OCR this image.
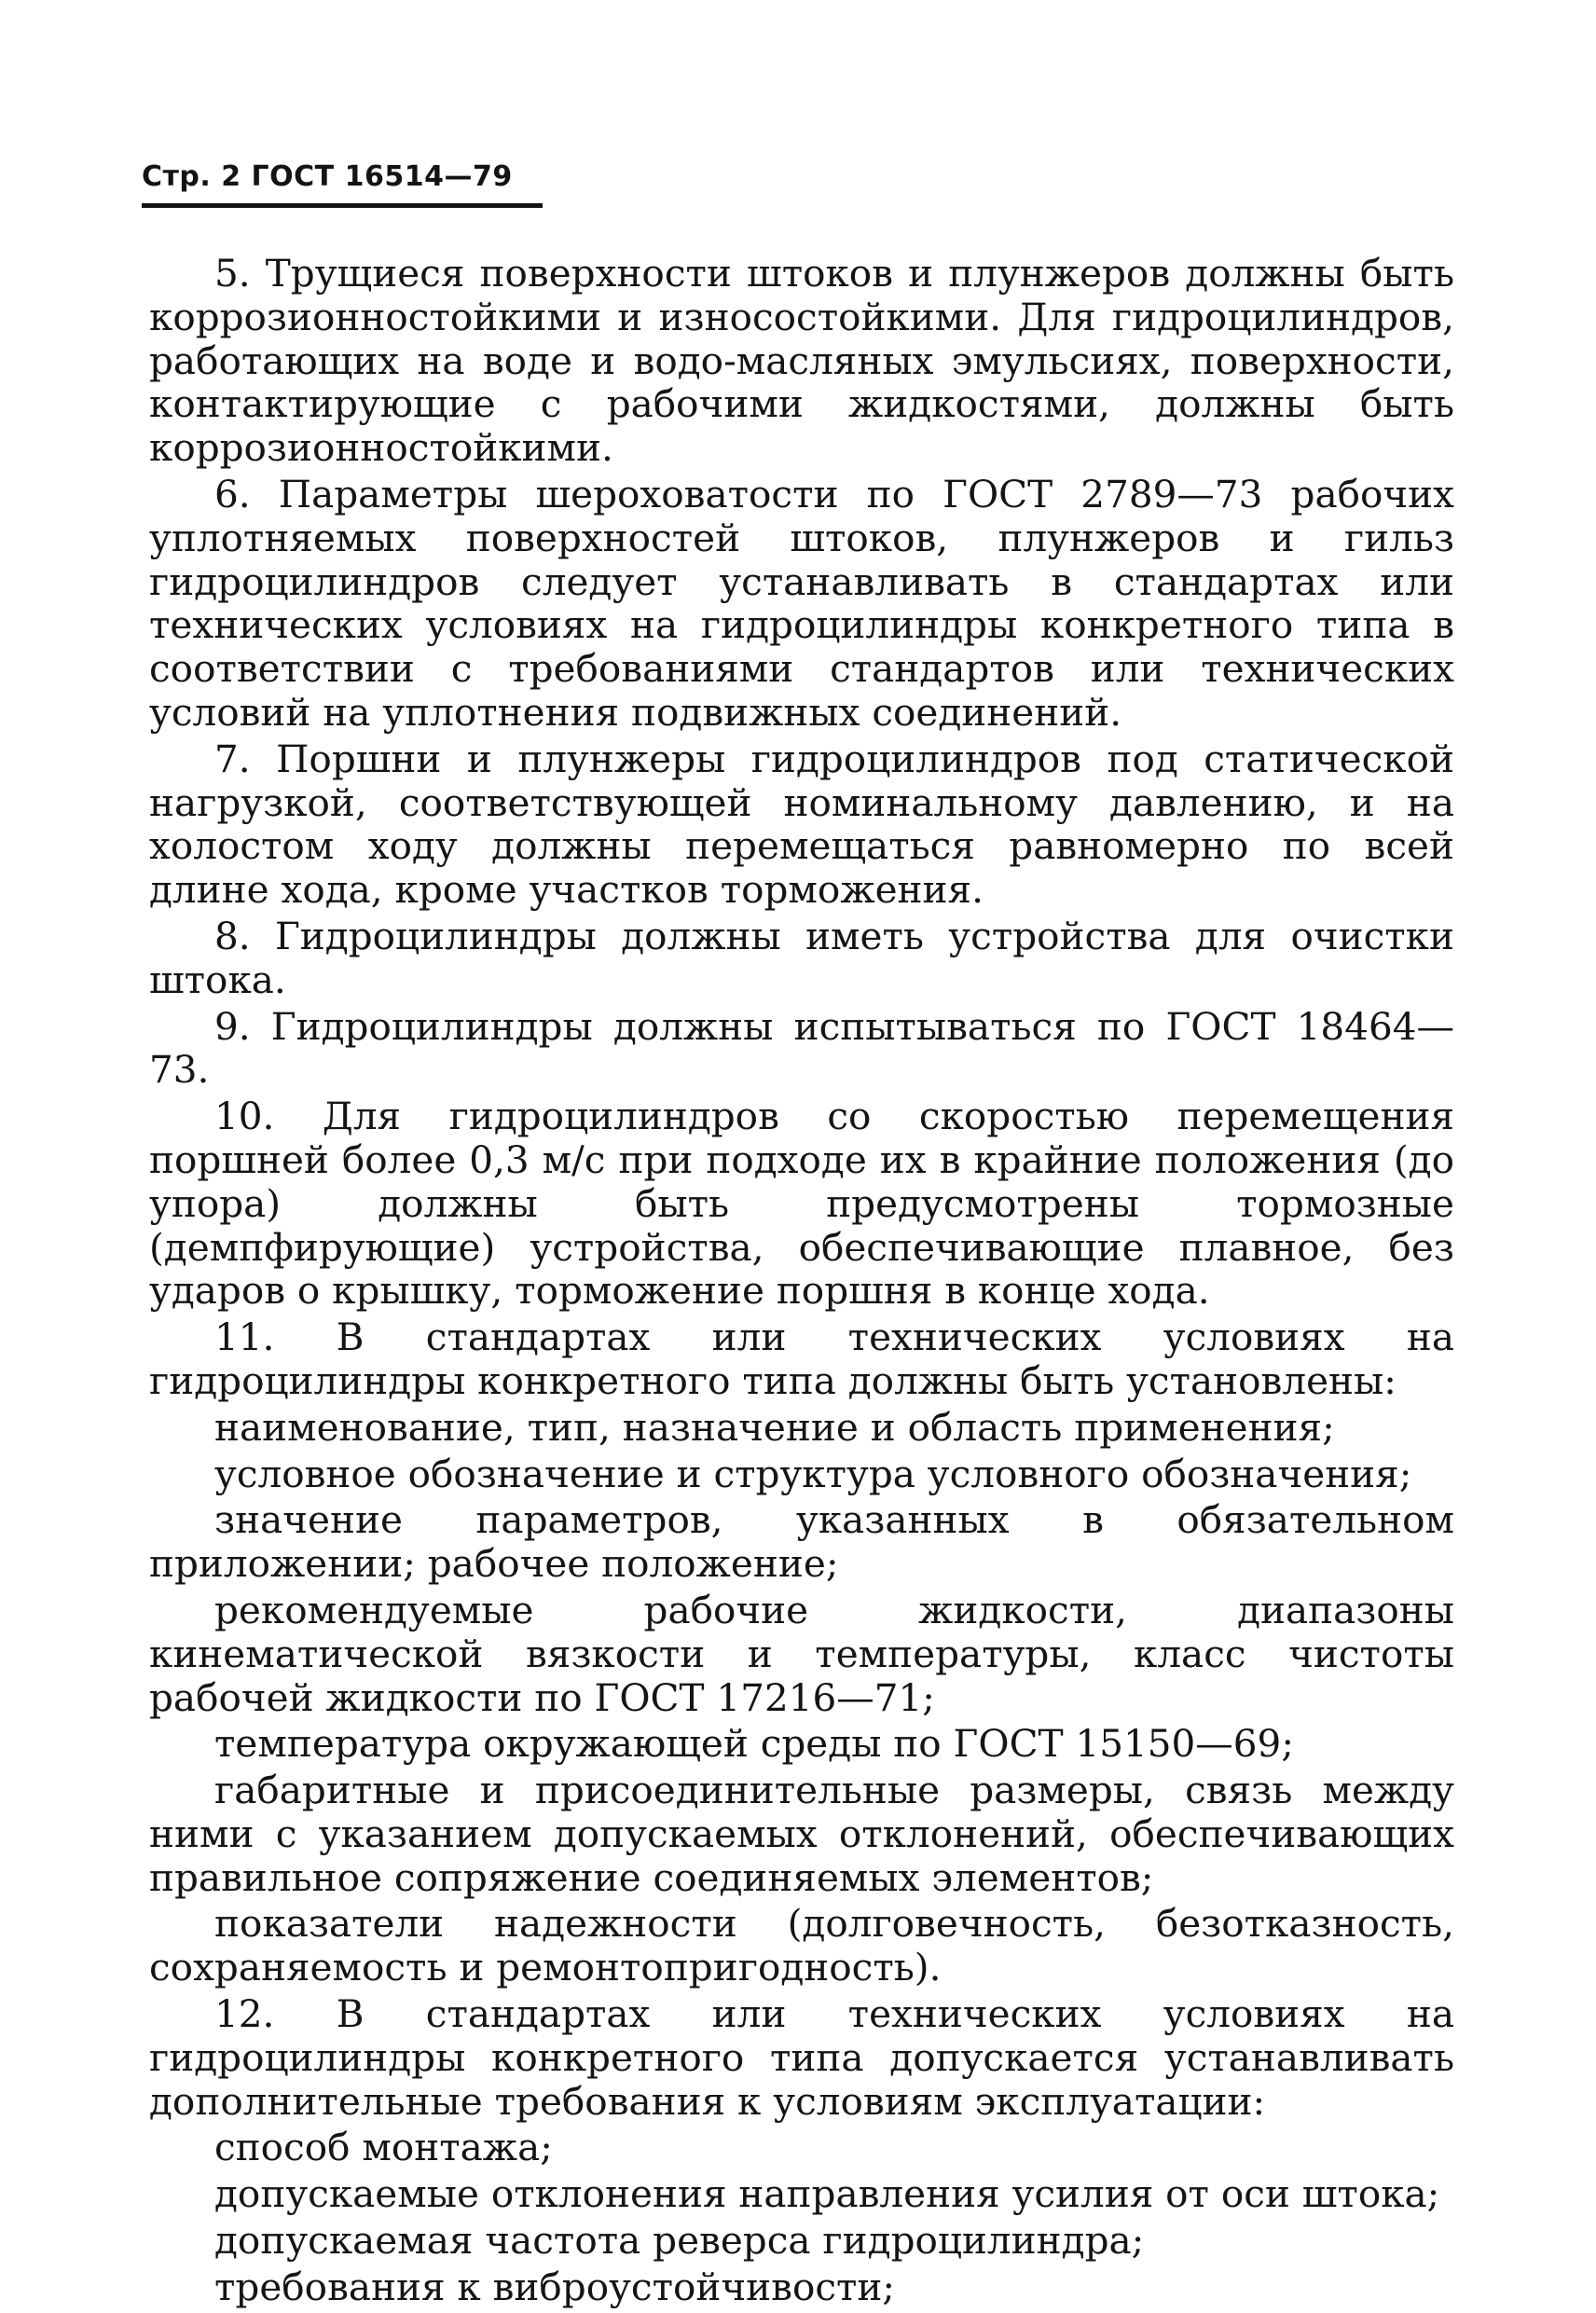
Стр. 2 ГОСТ 16514—79

5. Трущиеся поверхности штоков и плунжеров должны быть коррозионностойкими и износостойкими. Для гидроцилиндров, работающих на воде и водо-масляных эмульсиях, поверхности, контактирующие с рабочими жидкостями, должны быть коррозионностойкими.

6. Параметры шероховатости по ГОСТ 2789—73 рабочих уплотняемых поверхностей штоков, плунжеров и гильз гидроцилиндров следует устанавливать в стандартах или технических условиях на гидроцилиндры конкретного типа в соответствии с требованиями стандартов или технических условий на уплотнения подвижных соединений.

7. Поршни и плунжеры гидроцилиндров под статической нагрузкой, соответствующей номинальному давлению, и на холостом ходу должны перемещаться равномерно по всей длине хода, кроме участков торможения.

8. Гидроцилиндры должны иметь устройства для очистки штока.

9. Гидроцилиндры должны испытываться по ГОСТ 18464—73.

10. Для гидроцилиндров со скоростью перемещения поршней более 0,3 м/с при подходе их в крайние положения (до упора) должны быть предусмотрены тормозные (демпфирующие) устройства, обеспечивающие плавное, без ударов о крышку, торможение поршня в конце хода.

11. В стандартах или технических условиях на гидроцилиндры конкретного типа должны быть установлены:

наименование, тип, назначение и область применения;

условное обозначение и структура условного обозначения;

значение параметров, указанных в обязательном приложении; рабочее положение;

рекомендуемые рабочие жидкости, диапазоны кинематической вязкости и температуры, класс чистоты рабочей жидкости по ГОСТ 17216—71;

температура окружающей среды по ГОСТ 15150—69;

габаритные и присоединительные размеры, связь между ними с указанием допускаемых отклонений, обеспечивающих правильное сопряжение соединяемых элементов;

показатели надежности (долговечность, безотказность, сохраняемость и ремонтопригодность).

12. В стандартах или технических условиях на гидроцилиндры конкретного типа допускается устанавливать дополнительные требования к условиям эксплуатации:

способ монтажа;

допускаемые отклонения направления усилия от оси штока;

допускаемая частота реверса гидроцилиндра;

требования к виброустойчивости;
